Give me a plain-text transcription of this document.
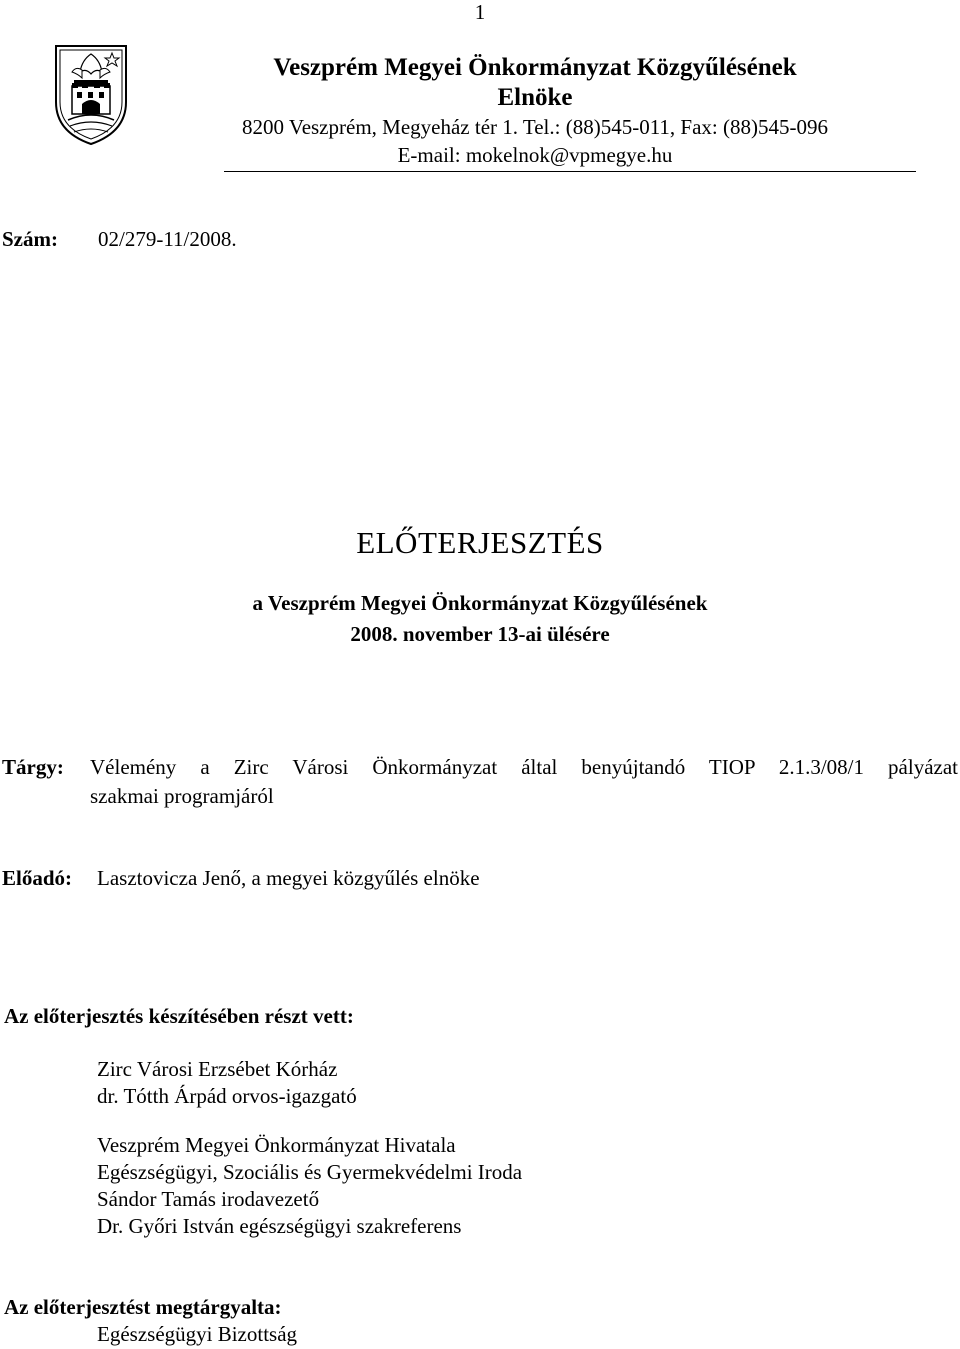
1
Veszprém Megyei Önkormányzat Közgyűlésének
Elnöke
8200 Veszprém, Megyeház tér 1. Tel.: (88)545-011, Fax: (88)545-096
E-mail: mokelnok@vpmegye.hu
Szám: 02/279-11/2008.
ELŐTERJESZTÉS
a Veszprém Megyei Önkormányzat Közgyűlésének
2008. november 13-ai ülésére
Tárgy: Vélemény a Zirc Városi Önkormányzat által benyújtandó TIOP 2.1.3/08/1 pályázat
szakmai programjáról
Előadó: Lasztovicza Jenő, a megyei közgyűlés elnöke
Az előterjesztés készítésében részt vett:
Zirc Városi Erzsébet Kórház
dr. Tótth Árpád orvos-igazgató
Veszprém Megyei Önkormányzat Hivatala
Egészségügyi, Szociális és Gyermekvédelmi Iroda
Sándor Tamás irodavezető
Dr. Győri István egészségügyi szakreferens
Az előterjesztést megtárgyalta:
Egészségügyi Bizottság
